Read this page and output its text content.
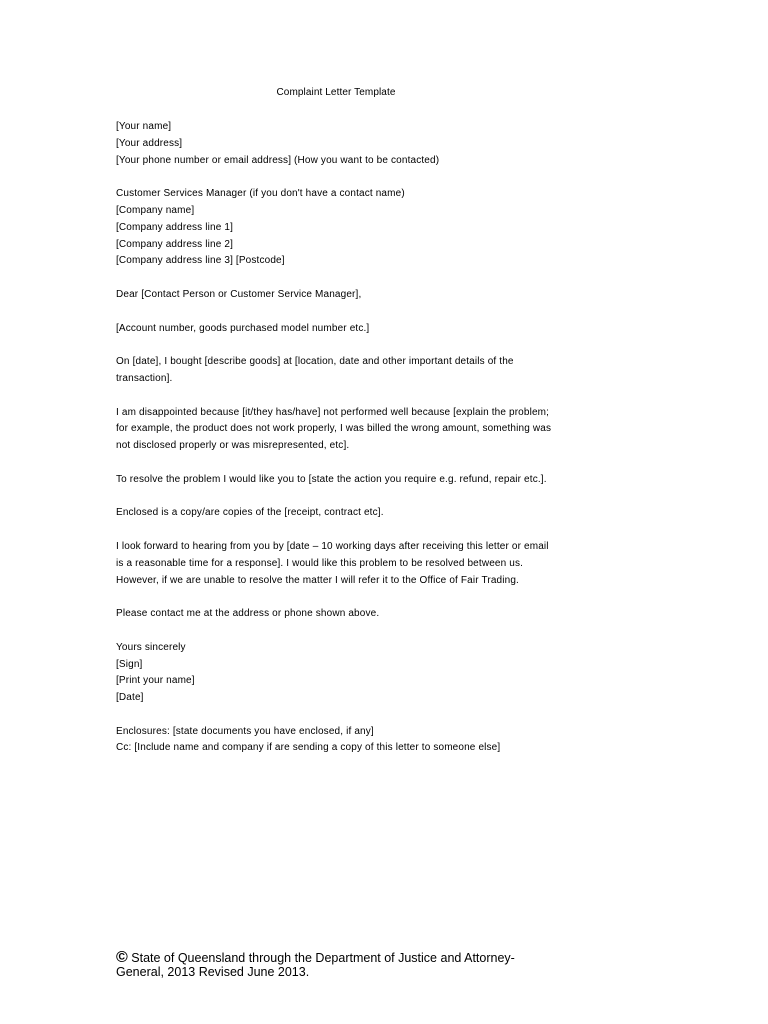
Complaint Letter Template
[Your name]
[Your address]
[Your phone number or email address] (How you want to be contacted)
Customer Services Manager (if you don't have a contact name)
[Company name]
[Company address line 1]
[Company address line 2]
[Company address line 3] [Postcode]
Dear [Contact Person or Customer Service Manager],
[Account number, goods purchased model number etc.]
On [date], I bought [describe goods] at [location, date and other important details of the
transaction].
I am disappointed because [it/they has/have] not performed well because [explain the problem;
for example, the product does not work properly, I was billed the wrong amount, something was
not disclosed properly or was misrepresented, etc].
To resolve the problem I would like you to [state the action you require e.g. refund, repair etc.].
Enclosed is a copy/are copies of the [receipt, contract etc].
I look forward to hearing from you by [date – 10 working days after receiving this letter or email
is a reasonable time for a response]. I would like this problem to be resolved between us.
However, if we are unable to resolve the matter I will refer it to the Office of Fair Trading.
Please contact me at the address or phone shown above.
Yours sincerely
[Sign]
[Print your name]
[Date]
Enclosures: [state documents you have enclosed, if any]
Cc: [Include name and company if are sending a copy of this letter to someone else]
© State of Queensland through the Department of Justice and Attorney-
General, 2013 Revised June 2013.
